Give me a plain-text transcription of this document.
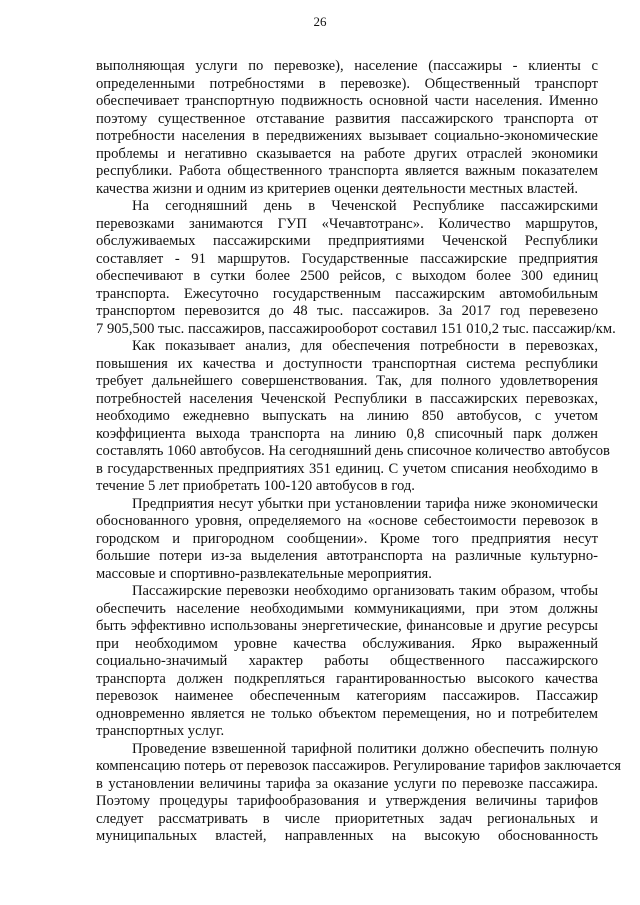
26
выполняющая услуги по перевозке), население (пассажиры - клиенты с
определенными потребностями в перевозке). Общественный транспорт
обеспечивает транспортную подвижность основной части населения. Именно
поэтому существенное отставание развития пассажирского транспорта от
потребности населения в передвижениях вызывает социально-экономические
проблемы и негативно сказывается на работе других отраслей экономики
республики. Работа общественного транспорта является важным показателем
качества жизни и одним из критериев оценки деятельности местных властей.
На сегодняшний день в Чеченской Республике пассажирскими
перевозками занимаются ГУП «Чечавтотранс». Количество маршрутов,
обслуживаемых пассажирскими предприятиями Чеченской Республики
составляет - 91 маршрутов. Государственные пассажирские предприятия
обеспечивают в сутки более 2500 рейсов, с выходом более 300 единиц
транспорта. Ежесуточно государственным пассажирским автомобильным
транспортом перевозится до 48 тыс. пассажиров. За 2017 год перевезено
7 905,500 тыс. пассажиров, пассажирооборот составил 151 010,2 тыс. пассажир/км.
Как показывает анализ, для обеспечения потребности в перевозках,
повышения их качества и доступности транспортная система республики
требует дальнейшего совершенствования. Так, для полного удовлетворения
потребностей населения Чеченской Республики в пассажирских перевозках,
необходимо ежедневно выпускать на линию 850 автобусов, с учетом
коэффициента выхода транспорта на линию 0,8 списочный парк должен
составлять 1060 автобусов. На сегодняшний день списочное количество автобусов
в государственных предприятиях 351 единиц. С учетом списания необходимо в
течение 5 лет приобретать 100-120 автобусов в год.
Предприятия несут убытки при установлении тарифа ниже экономически
обоснованного уровня, определяемого на «основе себестоимости перевозок в
городском и пригородном сообщении». Кроме того предприятия несут
большие потери из-за выделения автотранспорта на различные культурно-
массовые и спортивно-развлекательные мероприятия.
Пассажирские перевозки необходимо организовать таким образом, чтобы
обеспечить население необходимыми коммуникациями, при этом должны
быть эффективно использованы энергетические, финансовые и другие ресурсы
при необходимом уровне качества обслуживания. Ярко выраженный
социально-значимый характер работы общественного пассажирского
транспорта должен подкрепляться гарантированностью высокого качества
перевозок наименее обеспеченным категориям пассажиров. Пассажир
одновременно является не только объектом перемещения, но и потребителем
транспортных услуг.
Проведение взвешенной тарифной политики должно обеспечить полную
компенсацию потерь от перевозок пассажиров. Регулирование тарифов заключается
в установлении величины тарифа за оказание услуги по перевозке пассажира.
Поэтому процедуры тарифообразования и утверждения величины тарифов
следует рассматривать в числе приоритетных задач региональных и
муниципальных властей, направленных на высокую обоснованность
